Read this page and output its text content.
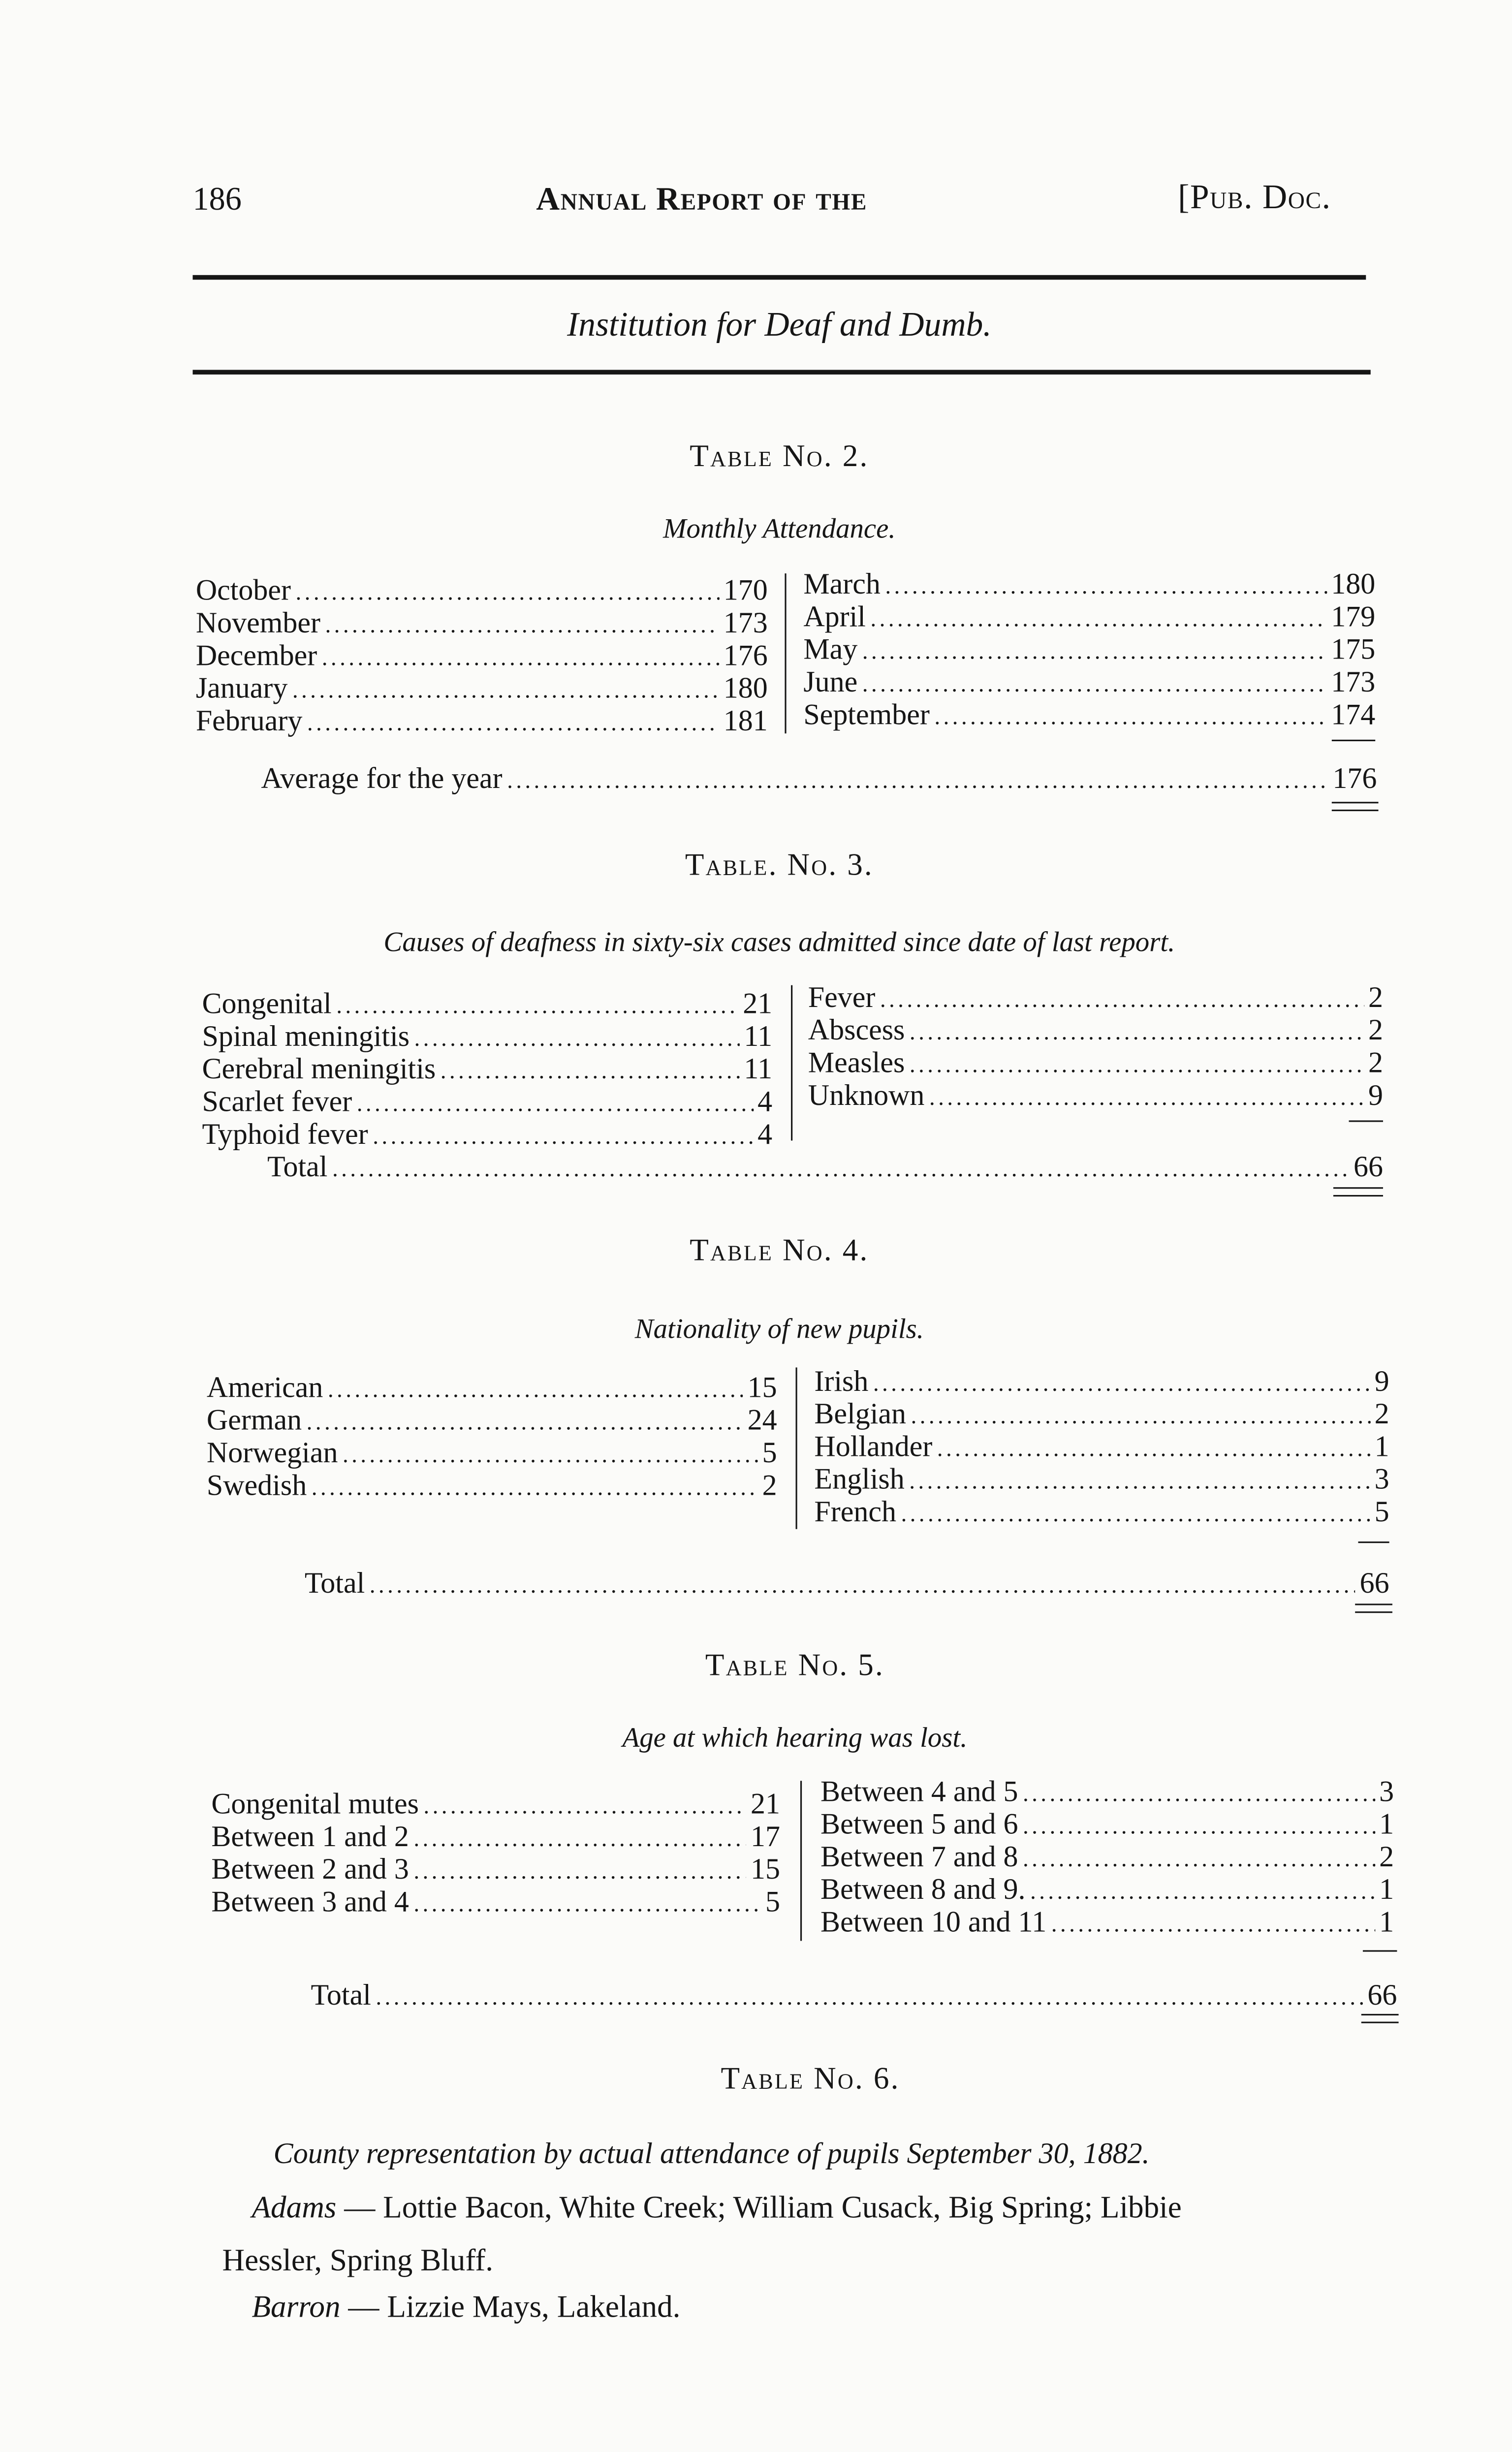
186	Annual Report of the	[Pub. Doc.
Institution for Deaf and Dumb.
Table No. 2.
Monthly Attendance.
October .....	170
November .....	173
December .....	176
January .....	180
February .....	181
March .....	180
April .....	179
May .....	175
June .....	173
September .....	174
Average for the year .....	176
Table. No. 3.
Causes of deafness in sixty-six cases admitted since date of last report.
Congenital .....	21
Spinal meningitis .....	11
Cerebral meningitis .....	11
Scarlet fever .....	4
Typhoid fever .....	4
Fever .....	2
Abscess .....	2
Measles .....	2
Unknown .....	9
Total .....	66
Table No. 4.
Nationality of new pupils.
American .....	15
German .....	24
Norwegian .....	5
Swedish .....	2
Irish .....	9
Belgian .....	2
Hollander .....	1
English .....	3
French .....	5
Total .....	66
Table No. 5.
Age at which hearing was lost.
Congenital mutes .....	21
Between 1 and 2 .....	17
Between 2 and 3 .....	15
Between 3 and 4 .....	5
Between 4 and 5 .....	3
Between 5 and 6 .....	1
Between 7 and 8 .....	2
Between 8 and 9. .....	1
Between 10 and 11 .....	1
Total .....	66
Table No. 6.
County representation by actual attendance of pupils September 30, 1882.
Adams — Lottie Bacon, White Creek; William Cusack, Big Spring; Libbie
Hessler, Spring Bluff.
Barron — Lizzie Mays, Lakeland.
